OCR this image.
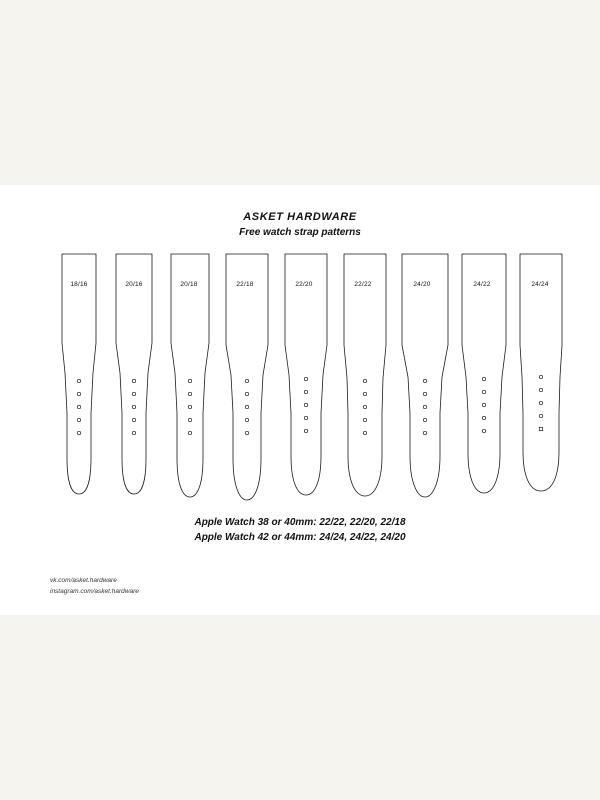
ASKET HARDWARE
Free watch strap patterns
18/16	20/16	20/18	22/18	22/20	22/22	24/20	24/22	24/24
Apple Watch 38 or 40mm: 22/22, 22/20, 22/18
Apple Watch 42 or 44mm: 24/24, 24/22, 24/20
vk.com/asket.hardware
instagram.com/asket.hardware
